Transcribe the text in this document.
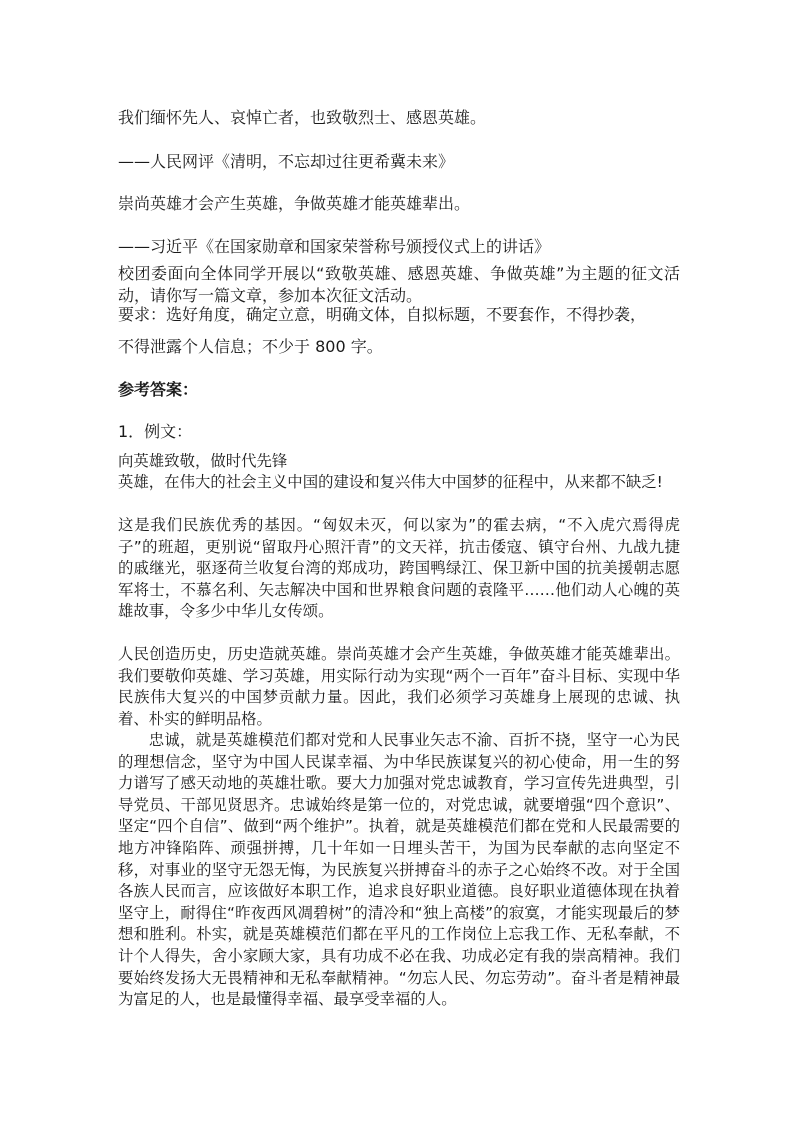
我们缅怀先人、哀悼亡者，也致敬烈士、感恩英雄。
——人民网评《清明，不忘却过往更希冀未来》
崇尚英雄才会产生英雄，争做英雄才能英雄辈出。
——习近平《在国家勋章和国家荣誉称号颁授仪式上的讲话》
校团委面向全体同学开展以“致敬英雄、感恩英雄、争做英雄”为主题的征文活动，请你写一篇文章，参加本次征文活动。
要求：选好角度，确定立意，明确文体，自拟标题，不要套作，不得抄袭，
不得泄露个人信息；不少于 800 字。
参考答案：
1．例文：
向英雄致敬，做时代先锋
英雄，在伟大的社会主义中国的建设和复兴伟大中国梦的征程中，从来都不缺乏!
这是我们民族优秀的基因。“匈奴未灭，何以家为”的霍去病，“不入虎穴焉得虎子”的班超，更别说“留取丹心照汗青”的文天祥，抗击倭寇、镇守台州、九战九捷的戚继光，驱逐荷兰收复台湾的郑成功，跨国鸭绿江、保卫新中国的抗美援朝志愿军将士，不慕名利、矢志解决中国和世界粮食问题的袁隆平……他们动人心魄的英雄故事，令多少中华儿女传颂。
人民创造历史，历史造就英雄。崇尚英雄才会产生英雄，争做英雄才能英雄辈出。我们要敬仰英雄、学习英雄，用实际行动为实现“两个一百年”奋斗目标、实现中华民族伟大复兴的中国梦贡献力量。因此，我们必须学习英雄身上展现的忠诚、执着、朴实的鲜明品格。
忠诚，就是英雄模范们都对党和人民事业矢志不渝、百折不挠，坚守一心为民的理想信念，坚守为中国人民谋幸福、为中华民族谋复兴的初心使命，用一生的努力谱写了感天动地的英雄壮歌。要大力加强对党忠诚教育，学习宣传先进典型，引导党员、干部见贤思齐。忠诚始终是第一位的，对党忠诚，就要增强“四个意识”、坚定“四个自信”、做到“两个维护”。执着，就是英雄模范们都在党和人民最需要的地方冲锋陷阵、顽强拼搏，几十年如一日埋头苦干，为国为民奉献的志向坚定不移，对事业的坚守无怨无悔，为民族复兴拼搏奋斗的赤子之心始终不改。对于全国各族人民而言，应该做好本职工作，追求良好职业道德。良好职业道德体现在执着坚守上，耐得住“昨夜西风凋碧树”的清冷和“独上高楼”的寂寞，才能实现最后的梦想和胜利。朴实，就是英雄模范们都在平凡的工作岗位上忘我工作、无私奉献，不计个人得失，舍小家顾大家，具有功成不必在我、功成必定有我的崇高精神。我们要始终发扬大无畏精神和无私奉献精神。“勿忘人民、勿忘劳动”。奋斗者是精神最为富足的人，也是最懂得幸福、最享受幸福的人。
